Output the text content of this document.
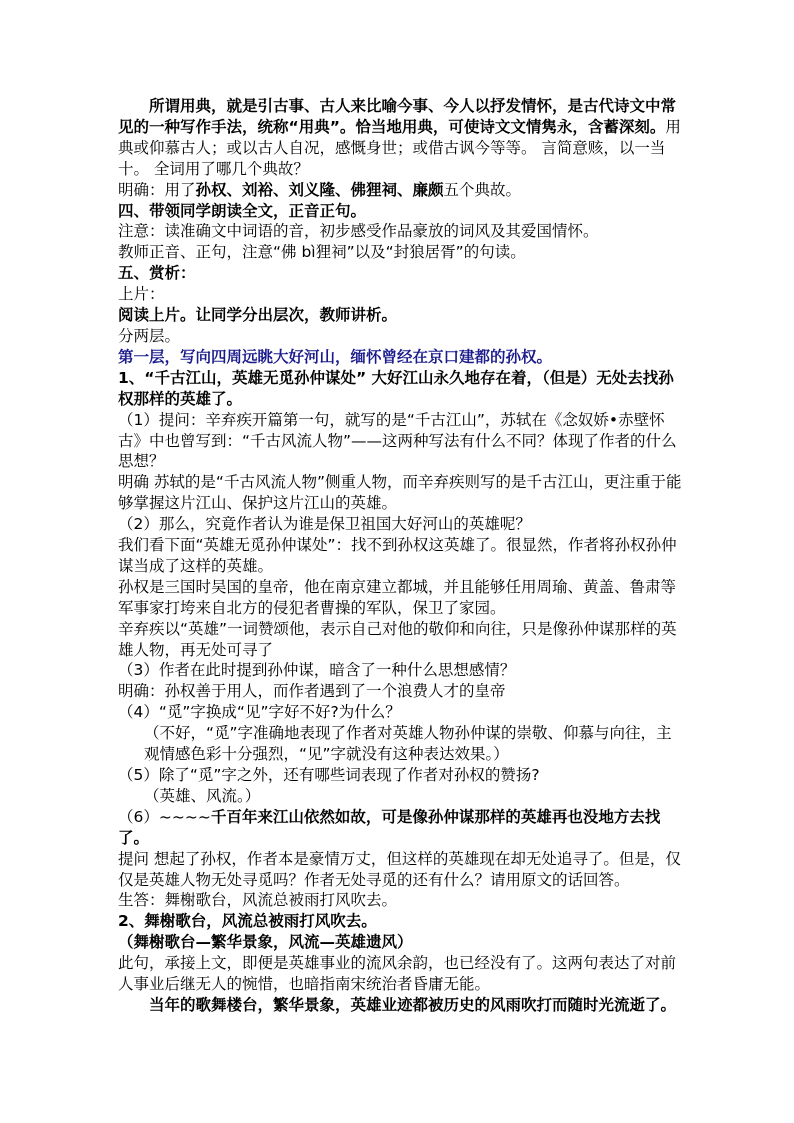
所谓用典，就是引古事、古人来比喻今事、今人以抒发情怀，是古代诗文中常见的一种写作手法，统称“用典”。恰当地用典，可使诗文文情隽永，含蓄深刻。用典或仰慕古人；或以古人自况，感慨身世；或借古讽今等等。 言简意赅，以一当十。 全词用了哪几个典故？

明确：用了孙权、刘裕、刘义隆、佛狸祠、廉颇五个典故。

四、带领同学朗读全文，正音正句。

注意：读准确文中词语的音，初步感受作品豪放的词风及其爱国情怀。

教师正音、正句，注意“佛 bì狸祠”以及“封狼居胥”的句读。

五、赏析：

上片：

阅读上片。让同学分出层次，教师讲析。

分两层。

第一层，写向四周远眺大好河山，缅怀曾经在京口建都的孙权。

1、“千古江山，英雄无觅孙仲谋处” 大好江山永久地存在着，（但是）无处去找孙权那样的英雄了。

（1）提问：辛弃疾开篇第一句，就写的是“千古江山”，苏轼在《念奴娇•赤壁怀古》中也曾写到：“千古风流人物”——这两种写法有什么不同？体现了作者的什么思想？

明确 苏轼的是“千古风流人物”侧重人物，而辛弃疾则写的是千古江山，更注重于能够掌握这片江山、保护这片江山的英雄。

（2）那么，究竟作者认为谁是保卫祖国大好河山的英雄呢？

我们看下面“英雄无觅孙仲谋处”：找不到孙权这英雄了。很显然，作者将孙权孙仲谋当成了这样的英雄。

孙权是三国时吴国的皇帝，他在南京建立都城，并且能够任用周瑜、黄盖、鲁肃等军事家打垮来自北方的侵犯者曹操的军队，保卫了家园。

辛弃疾以“英雄”一词赞颂他，表示自己对他的敬仰和向往，只是像孙仲谋那样的英雄人物，再无处可寻了

（3）作者在此时提到孙仲谋，暗含了一种什么思想感情？

明确：孙权善于用人，而作者遇到了一个浪费人才的皇帝

（4）“觅”字换成“见”字好不好?为什么？

（不好，“觅”字准确地表现了作者对英雄人物孙仲谋的崇敬、仰慕与向往，主观情感色彩十分强烈，“见”字就没有这种表达效果。）

（5）除了“觅”字之外，还有哪些词表现了作者对孙权的赞扬?

（英雄、风流。）

（6）~~~~千百年来江山依然如故，可是像孙仲谋那样的英雄再也没地方去找了。

提问 想起了孙权，作者本是豪情万丈，但这样的英雄现在却无处追寻了。但是，仅仅是英雄人物无处寻觅吗？作者无处寻觅的还有什么？请用原文的话回答。

生答：舞榭歌台，风流总被雨打风吹去。

2、舞榭歌台，风流总被雨打风吹去。

（舞榭歌台—繁华景象，风流—英雄遗风）

此句，承接上文，即便是英雄事业的流风余韵，也已经没有了。这两句表达了对前人事业后继无人的惋惜，也暗指南宋统治者昏庸无能。

当年的歌舞楼台，繁华景象，英雄业迹都被历史的风雨吹打而随时光流逝了。
